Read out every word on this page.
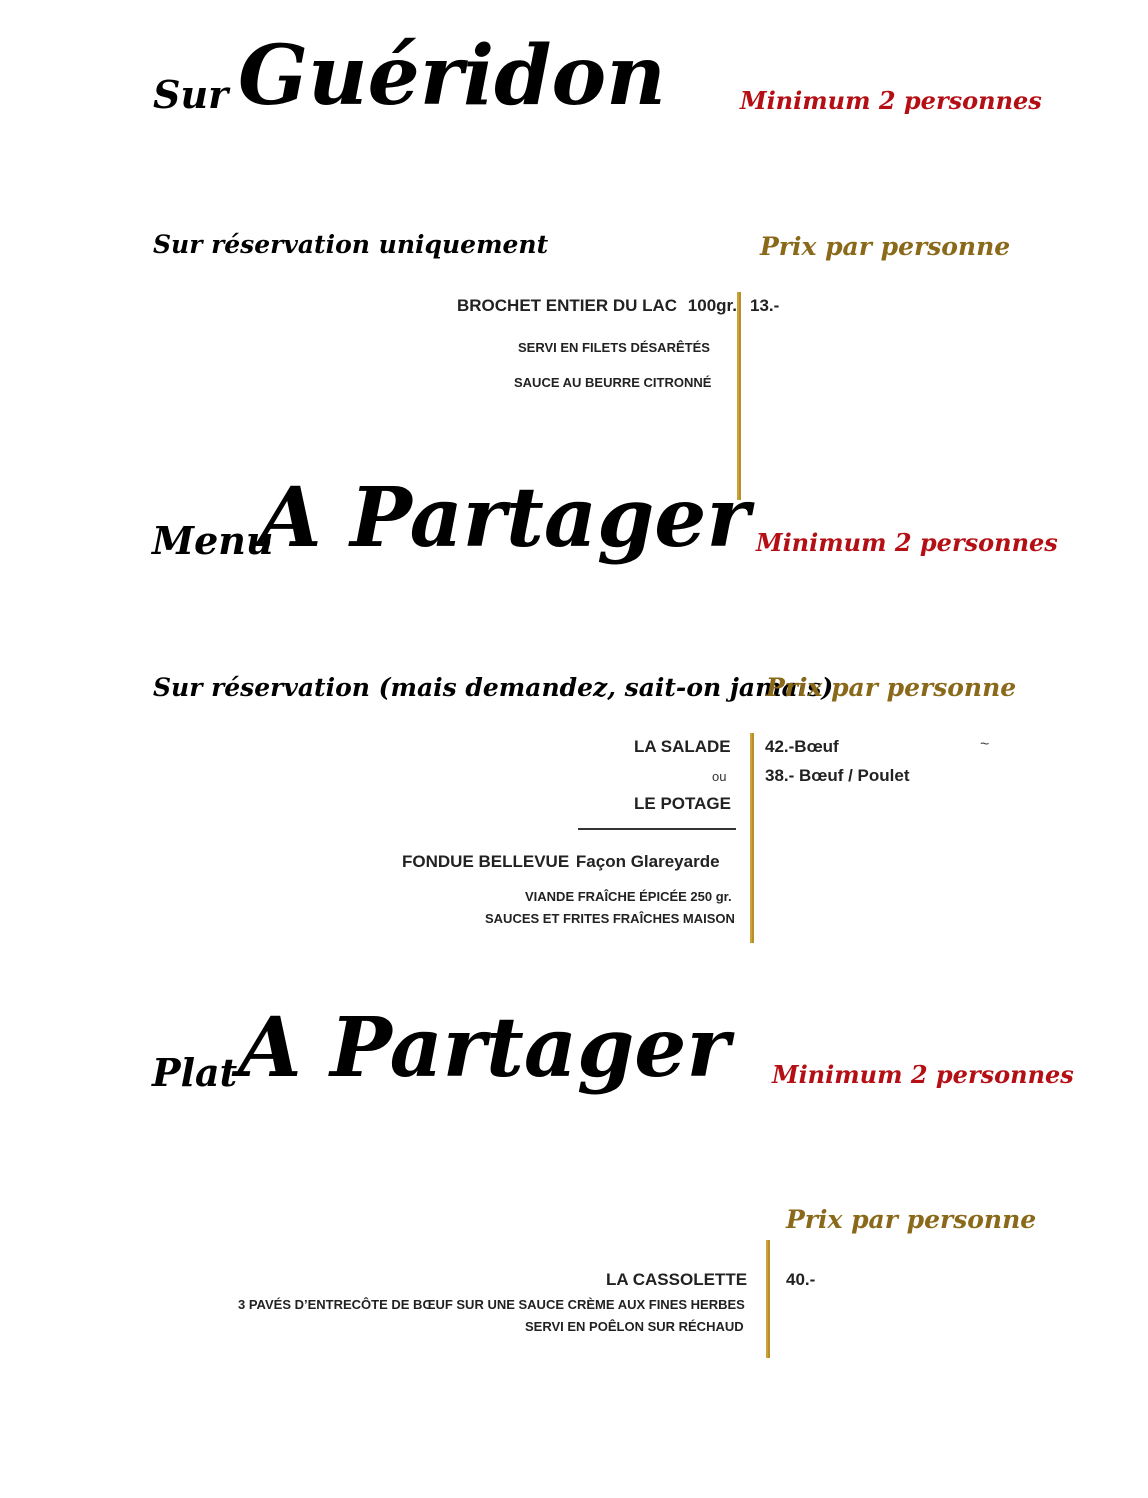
Sur Guéridon	Minimum 2 personnes
Sur réservation uniquement	Prix par personne
BROCHET ENTIER DU LAC 100gr. 13.-
SERVI EN FILETS DÉSARÊTÉS
SAUCE AU BEURRE CITRONNÉ
Menu
A Partager Minimum 2 personnes
Sur réservation (mais demandez, sait-on jamais)
Prix par personne
LA SALADE
ou
LE POTAGE
42.-Bœuf	~
38.- Bœuf / Poulet
FONDUE BELLEVUE Façon Glareyarde
VIANDE FRAÎCHE ÉPICÉE 250 gr.
SAUCES ET FRITES FRAÎCHES MAISON
Plat A Partager Minimum 2 personnes
Prix par personne
LA CASSOLETTE 40.-
3 PAVÉS D’ENTRECÔTE DE BŒUF SUR UNE SAUCE CRÈME AUX FINES HERBES
SERVI EN POÊLON SUR RÉCHAUD
